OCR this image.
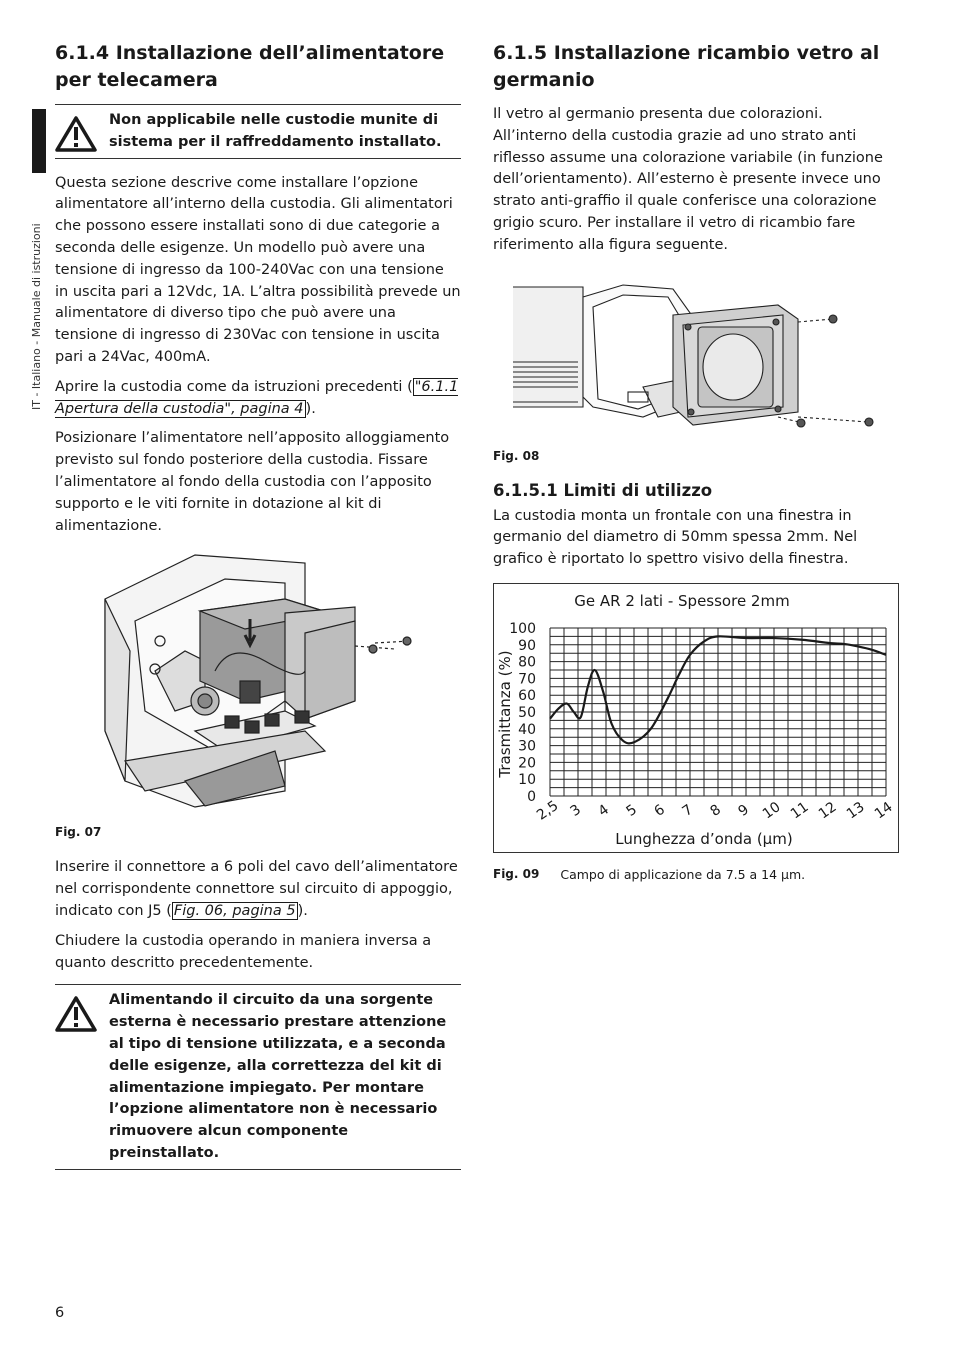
IT - Italiano - Manuale di istruzioni
6.1.4 Installazione dell’alimentatore per telecamera
Non applicabile nelle custodie munite di sistema per il raffreddamento installato.

Questa sezione descrive come installare l’opzione alimentatore all’interno della custodia. Gli alimentatori che possono essere installati sono di due categorie a seconda delle esigenze. Un modello può avere una tensione di ingresso da 100-240Vac con una tensione in uscita pari a 12Vdc, 1A. L’altra possibilità prevede un alimentatore di diverso tipo che può avere una tensione di ingresso di 230Vac con tensione in uscita pari a 24Vac, 400mA.

Aprire la custodia come da istruzioni precedenti ( "6.1.1 Apertura della custodia", pagina 4 ).

Posizionare l’alimentatore nell’apposito alloggiamento previsto sul fondo posteriore della custodia. Fissare l’alimentatore al fondo della custodia con l’apposito supporto e le viti fornite in dotazione al kit di alimentazione.

Fig. 07

Inserire il connettore a 6 poli del cavo dell’alimentatore nel corrispondente connettore sul circuito di appoggio, indicato con J5 ( Fig. 06, pagina 5 ).

Chiudere la custodia operando in maniera inversa a quanto descritto precedentemente.

Alimentando il circuito da una sorgente esterna è necessario prestare attenzione al tipo di tensione utilizzata, e a seconda delle esigenze, alla correttezza del kit di alimentazione impiegato. Per montare l’opzione alimentatore non è necessario rimuovere alcun componente preinstallato.
6.1.5 Installazione ricambio vetro al germanio

Il vetro al germanio presenta due colorazioni. All’interno della custodia grazie ad uno strato anti riflesso assume una colorazione variabile (in funzione dell’orientamento). All’esterno è presente invece uno strato anti-graffio il quale conferisce una colorazione grigio scuro. Per installare il vetro di ricambio fare riferimento alla figura seguente.

Fig. 08
6.1.5.1 Limiti di utilizzo

La custodia monta un frontale con una finestra in germanio del diametro di 50mm spessa 2mm. Nel grafico è riportato lo spettro visivo della finestra.

Ge AR 2 lati - Spessore 2mm
0
10
20
30
40
50
60
70
80
90
100
2,5 3 4 5 6 7 8 9 10 11 12 13 14
Lunghezza d’onda (µm)
Trasmittanza (%)
Fig. 09 Campo di applicazione da 7.5 a 14 µm.
6
